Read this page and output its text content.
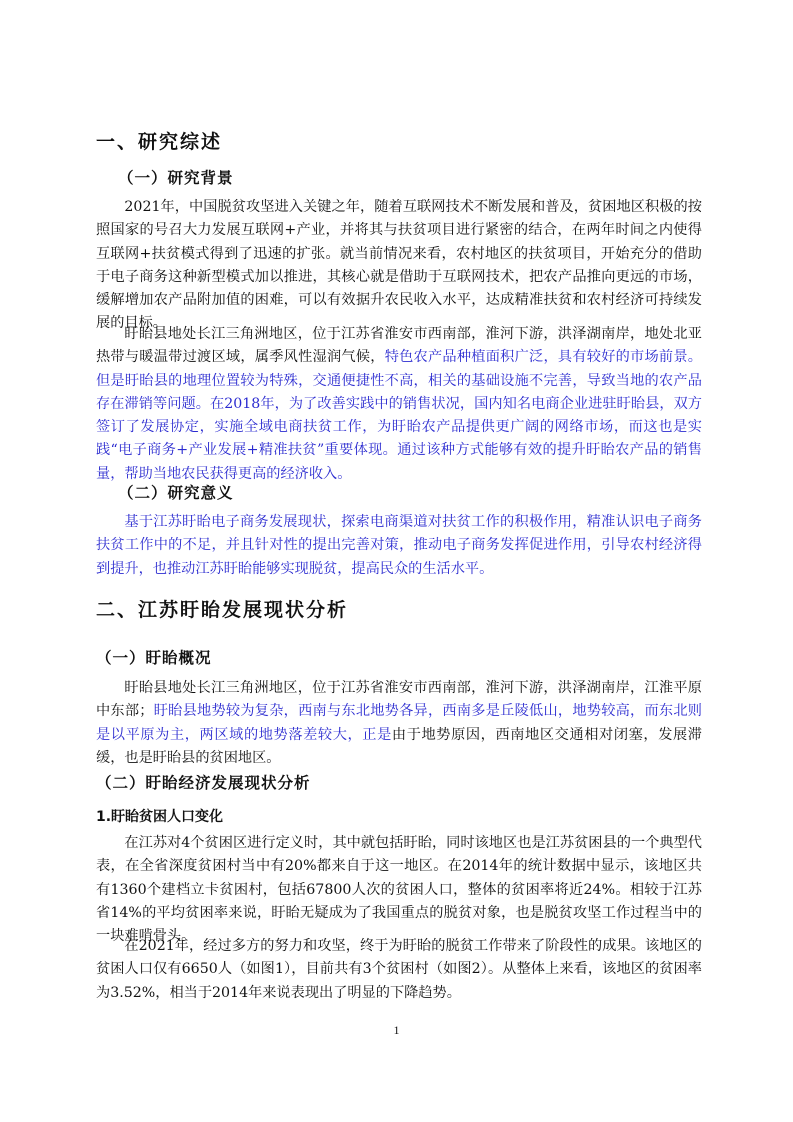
一、研究综述
（一）研究背景

2021年，中国脱贫攻坚进入关键之年，随着互联网技术不断发展和普及，贫困地区积极的按照国家的号召大力发展互联网+产业，并将其与扶贫项目进行紧密的结合，在两年时间之内使得互联网+扶贫模式得到了迅速的扩张。就当前情况来看，农村地区的扶贫项目，开始充分的借助于电子商务这种新型模式加以推进，其核心就是借助于互联网技术，把农产品推向更远的市场，缓解增加农产品附加值的困难，可以有效据升农民收入水平，达成精准扶贫和农村经济可持续发展的目标。

盱眙县地处长江三角洲地区，位于江苏省淮安市西南部，淮河下游，洪泽湖南岸，地处北亚热带与暖温带过渡区域，属季风性湿润气候，特色农产品种植面积广泛，具有较好的市场前景。但是盱眙县的地理位置较为特殊，交通便捷性不高，相关的基础设施不完善，导致当地的农产品存在滞销等问题。在2018年，为了改善实践中的销售状况，国内知名电商企业进驻盱眙县，双方签订了发展协定，实施全域电商扶贫工作，为盱眙农产品提供更广阔的网络市场，而这也是实践“电子商务+产业发展+精准扶贫”重要体现。通过该种方式能够有效的提升盱眙农产品的销售量，帮助当地农民获得更高的经济收入。

（二）研究意义

基于江苏盱眙电子商务发展现状，探索电商渠道对扶贫工作的积极作用，精准认识电子商务扶贫工作中的不足，并且针对性的提出完善对策，推动电子商务发挥促进作用，引导农村经济得到提升，也推动江苏盱眙能够实现脱贫，提高民众的生活水平。

二、江苏盱眙发展现状分析
（一）盱眙概况

盱眙县地处长江三角洲地区，位于江苏省淮安市西南部，淮河下游，洪泽湖南岸，江淮平原中东部；盱眙县地势较为复杂，西南与东北地势各异，西南多是丘陵低山，地势较高，而东北则是以平原为主，两区域的地势落差较大，正是由于地势原因，西南地区交通相对闭塞，发展滞缓，也是盱眙县的贫困地区。

（二）盱眙经济发展现状分析
1.盱眙贫困人口变化

在江苏对4个贫困区进行定义时，其中就包括盱眙，同时该地区也是江苏贫困县的一个典型代表，在全省深度贫困村当中有20%都来自于这一地区。在2014年的统计数据中显示，该地区共有1360个建档立卡贫困村，包括67800人次的贫困人口，整体的贫困率将近24%。相较于江苏省14%的平均贫困率来说，盱眙无疑成为了我国重点的脱贫对象，也是脱贫攻坚工作过程当中的一块难啃骨头。

在2021年，经过多方的努力和攻坚，终于为盱眙的脱贫工作带来了阶段性的成果。该地区的贫困人口仅有6650人（如图1），目前共有3个贫困村（如图2）。从整体上来看，该地区的贫困率为3.52%，相当于2014年来说表现出了明显的下降趋势。

1
